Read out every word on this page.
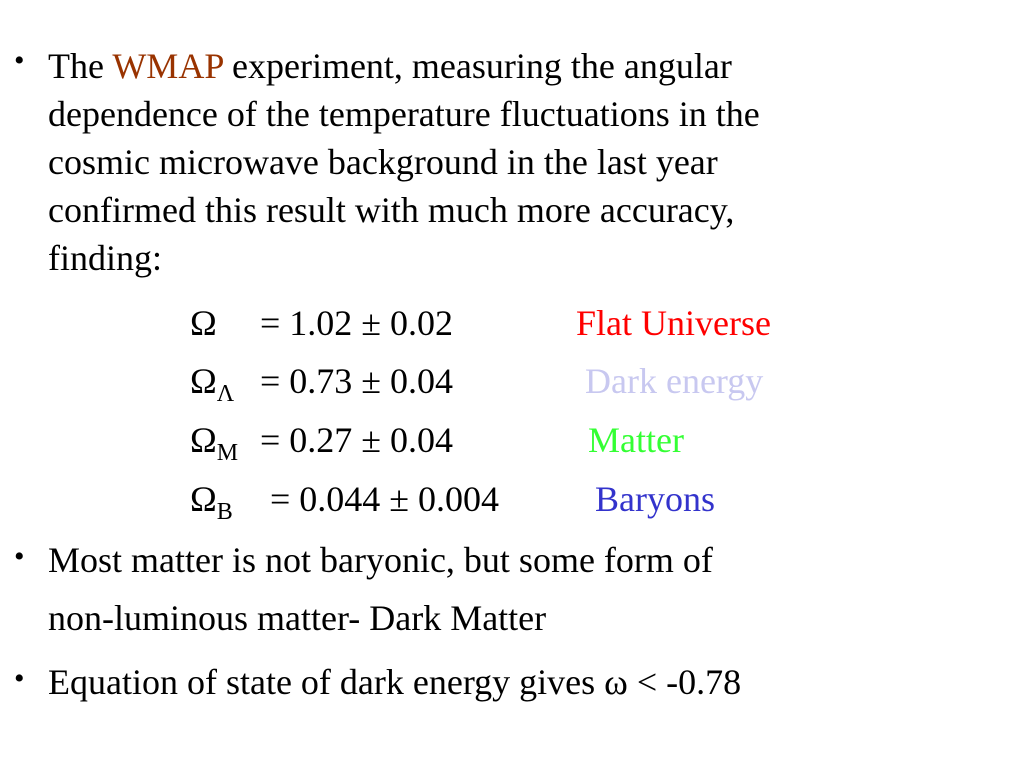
• The WMAP experiment, measuring the angular
dependence of the temperature fluctuations in the
cosmic microwave background in the last year
confirmed this result with much more accuracy,
finding:
Ω = 1.02 ± 0.02	Flat Universe
$\Omega_\Lambda = 0.73 \pm 0.04$	Dark energy
$\Omega_M = 0.27 \pm 0.04$	Matter
$\Omega_B = 0.044 \pm 0.004$	Baryons
• Most matter is not baryonic, but some form of
non-luminous matter- Dark Matter
• Equation of state of dark energy gives ω < -0.78
